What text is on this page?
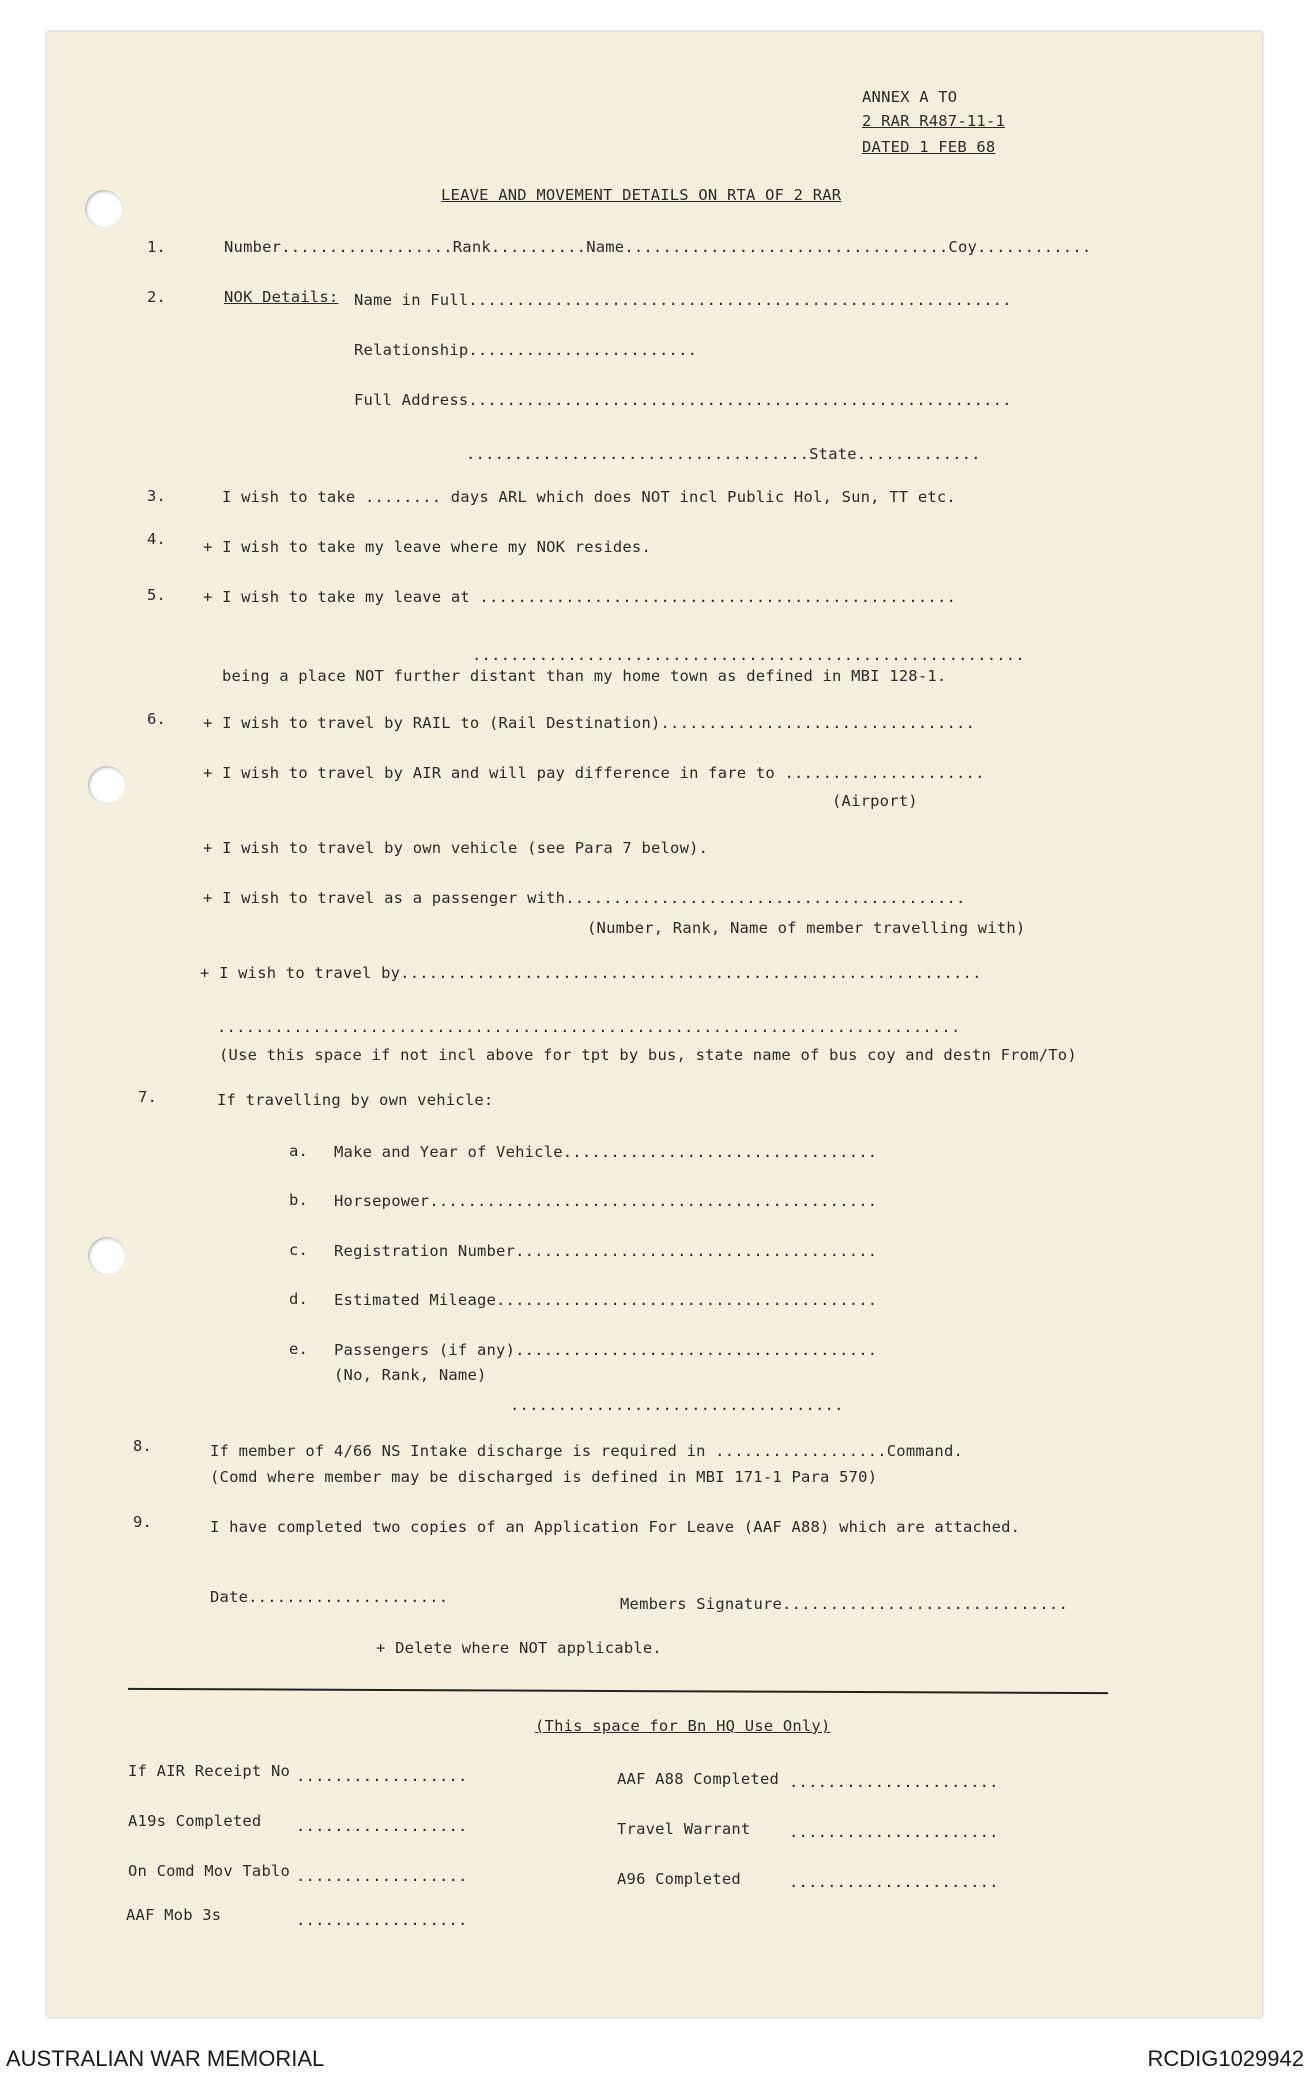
ANNEX A TO
2 RAR R487-11-1
DATED 1 FEB 68
LEAVE AND MOVEMENT DETAILS ON RTA OF 2 RAR
1.	Number..................Rank..........Name..................................Coy............
2.	NOK Details: Name in Full.........................................................
Relationship........................
Full Address.........................................................
....................................State.............
3.	I wish to take ........ days ARL which does NOT incl Public Hol, Sun, TT etc.
4. + I wish to take my leave where my NOK resides.
5. + I wish to take my leave at ..................................................
..........................................................
being a place NOT further distant than my home town as defined in MBI 128-1.
6. + I wish to travel by RAIL to (Rail Destination).................................
+ I wish to travel by AIR and will pay difference in fare to .....................
(Airport)
+ I wish to travel by own vehicle (see Para 7 below).
+ I wish to travel as a passenger with..........................................
(Number, Rank, Name of member travelling with)
+ I wish to travel by.............................................................
..............................................................................
(Use this space if not incl above for tpt by bus, state name of bus coy and destn From/To)
7.	If travelling by own vehicle:
a. Make and Year of Vehicle.................................
b. Horsepower...............................................
c. Registration Number......................................
d. Estimated Mileage........................................
e. Passengers (if any)......................................
(No, Rank, Name)
...................................
8.	If member of 4/66 NS Intake discharge is required in ..................Command.
(Comd where member may be discharged is defined in MBI 171-1 Para 570)
9.	I have completed two copies of an Application For Leave (AAF A88) which are attached.
Date.....................	Members Signature..............................
+ Delete where NOT applicable.
(This space for Bn HQ Use Only)
If AIR Receipt No ..................
A19s Completed ..................
On Comd Mov Tablo ..................
AAF Mob 3s	..................
AAF A88 Completed ......................
Travel Warrant ......................
A96 Completed	......................
AUSTRALIAN WAR MEMORIAL	RCDIG1029942
